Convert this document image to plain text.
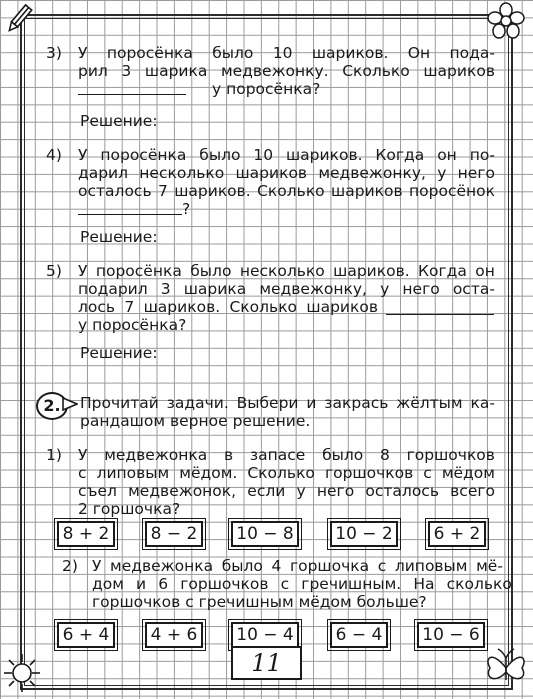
3) У поросёнка было 10 шариков. Он пода-
рил 3 шарика медвежонку. Сколько шариков
у поросёнка?
Решение:
4) У поросёнка было 10 шариков. Когда он по-
дарил несколько шариков медвежонку, у него
осталось 7 шариков. Сколько шариков поросёнок
?
Решение:
5) У поросёнка было несколько шариков. Когда он
подарил 3 шарика медвежонку, у него оста-
лось 7 шариков. Сколько шариков
у поросёнка?
Решение:
2.	Прочитай задачи. Выбери и закрась жёлтым ка-
рандашом верное решение.
1) У медвежонка в запасе было 8 горшочков
с липовым мёдом. Сколько горшочков с мёдом
съел медвежонок, если у него осталось всего
2 горшочка?
8 + 2	8 − 2	10 − 8	10 − 2	6 + 2
2) У медвежонка было 4 горшочка с липовым мё-
дом и 6 горшочков с гречишным. На сколько
горшочков с гречишным мёдом больше?
6 + 4	4 + 6	10 − 4	6 − 4	10 − 6
11
